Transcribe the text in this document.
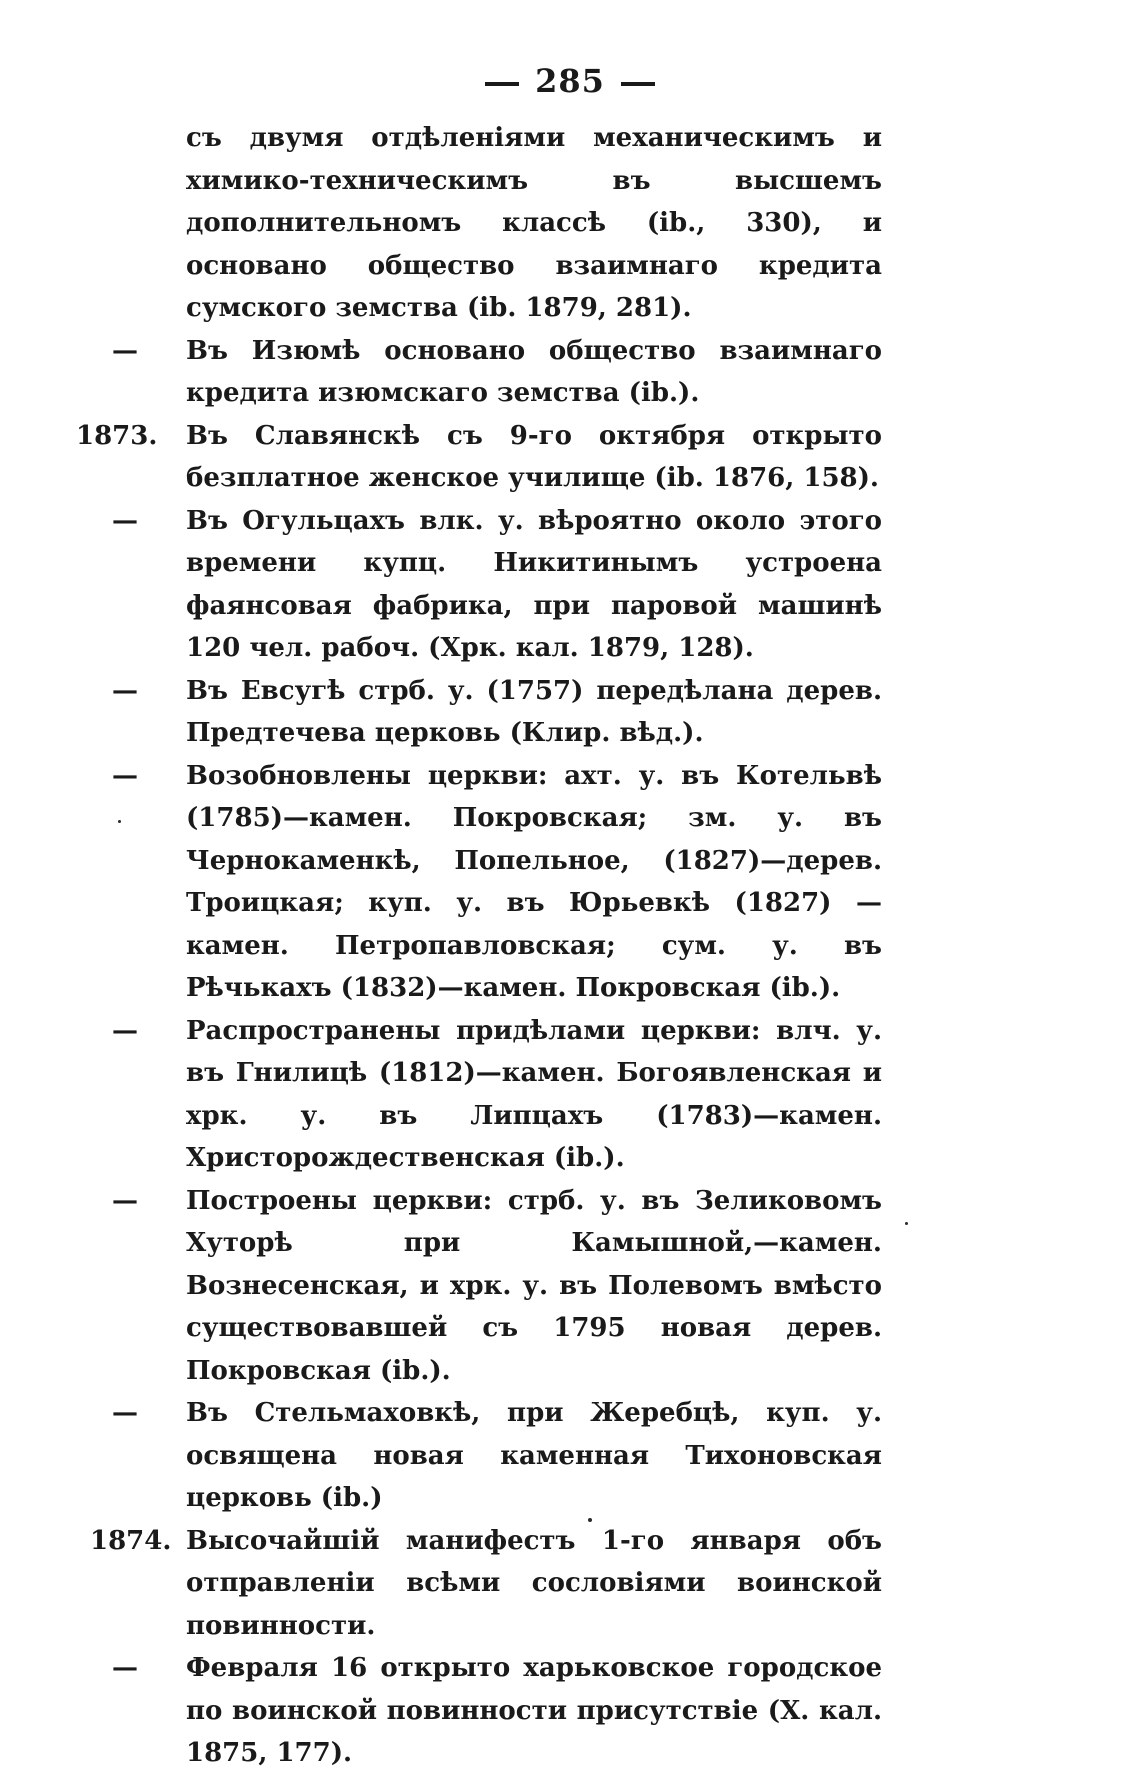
285
съ двумя отдѣленіями механическимъ и химико-техническимъ въ высшемъ дополнительномъ классѣ (ib., 330), и основано общество взаимнаго кредита сумского земства (ib. 1879, 281).
—	Въ Изюмѣ основано общество взаимнаго кредита изюмскаго земства (ib.).
1873.	Въ Славянскѣ съ 9-го октября открыто безплатное женское училище (ib. 1876, 158).
—	Въ Огульцахъ влк. у. вѣроятно около этого времени купц. Никитинымъ устроена фаянсовая фабрика, при паровой машинѣ 120 чел. рабоч. (Хрк. кал. 1879, 128).
—	Въ Евсугѣ стрб. у. (1757) передѣлана дерев. Предтечева церковь (Клир. вѣд.).
—	Возобновлены церкви: ахт. у. въ Котельвѣ (1785)—камен. Покровская; зм. у. въ Чернокаменкѣ, Попельное, (1827)—дерев. Троицкая; куп. у. въ Юрьевкѣ (1827) — камен. Петропавловская; сум. у. въ Рѣчькахъ (1832)—камен. Покровская (ib.).
—	Распространены придѣлами церкви: влч. у. въ Гнилицѣ (1812)—камен. Богоявленская и хрк. у. въ Липцахъ (1783)—камен. Христорождественская (ib.).
—	Построены церкви: стрб. у. въ Зеликовомъ Хуторѣ при Камышной,—камен. Вознесенская, и хрк. у. въ Полевомъ вмѣсто существовавшей съ 1795 новая дерев. Покровская (ib.).
—	Въ Стельмаховкѣ, при Жеребцѣ, куп. у. освящена новая каменная Тихоновская церковь (ib.)
1874. Высочайшій манифестъ 1-го января объ отправленіи всѣми сословіями воинской повинности.
—	Февраля 16 открыто харьковское городское по воинской повинности присутствіе (Х. кал. 1875, 177).
